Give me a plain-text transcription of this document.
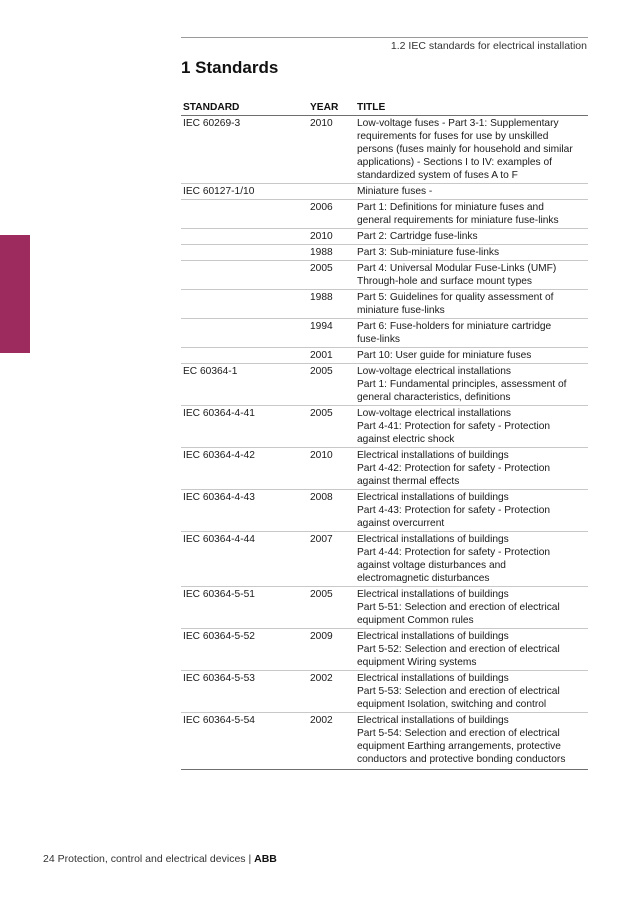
1.2 IEC standards for electrical installation
1 Standards
STANDARD	YEAR	TITLE
IEC 60269-3	2010	Low-voltage fuses - Part 3-1: Supplementary
requirements for fuses for use by unskilled
persons (fuses mainly for household and similar
applications) - Sections I to IV: examples of
standardized system of fuses A to F
IEC 60127-1/10		Miniature fuses -
	2006	Part 1: Definitions for miniature fuses and
general requirements for miniature fuse-links
	2010	Part 2: Cartridge fuse-links
	1988	Part 3: Sub-miniature fuse-links
	2005	Part 4: Universal Modular Fuse-Links (UMF)
Through-hole and surface mount types
	1988	Part 5: Guidelines for quality assessment of
miniature fuse-links
	1994	Part 6: Fuse-holders for miniature cartridge
fuse-links
	2001	Part 10: User guide for miniature fuses
EC 60364-1	2005	Low-voltage electrical installations
Part 1: Fundamental principles, assessment of
general characteristics, definitions
IEC 60364-4-41	2005	Low-voltage electrical installations
Part 4-41: Protection for safety - Protection
against electric shock
IEC 60364-4-42	2010	Electrical installations of buildings
Part 4-42: Protection for safety - Protection
against thermal effects
IEC 60364-4-43	2008	Electrical installations of buildings
Part 4-43: Protection for safety - Protection
against overcurrent
IEC 60364-4-44	2007	Electrical installations of buildings
Part 4-44: Protection for safety - Protection
against voltage disturbances and
electromagnetic disturbances
IEC 60364-5-51	2005	Electrical installations of buildings
Part 5-51: Selection and erection of electrical
equipment Common rules
IEC 60364-5-52	2009	Electrical installations of buildings
Part 5-52: Selection and erection of electrical
equipment Wiring systems
IEC 60364-5-53	2002	Electrical installations of buildings
Part 5-53: Selection and erection of electrical
equipment Isolation, switching and control
IEC 60364-5-54	2002	Electrical installations of buildings
Part 5-54: Selection and erection of electrical
equipment Earthing arrangements, protective
conductors and protective bonding conductors
24 Protection, control and electrical devices | ABB
